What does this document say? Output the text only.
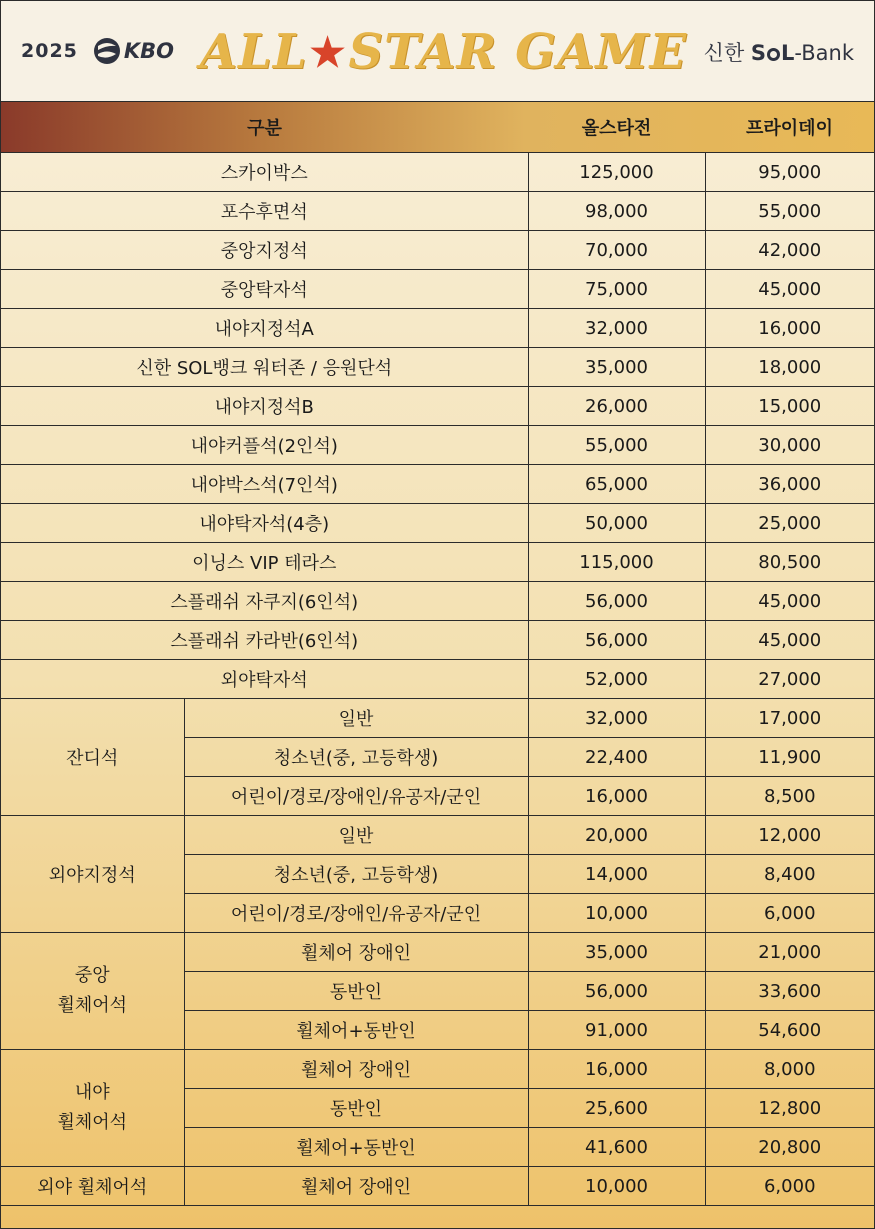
2025 KBO ALL ★ STAR GAME 신한 S L-Bank
구분		올스타전	프라이데이
스카이박스		125,000	95,000
포수후면석		98,000	55,000
중앙지정석		70,000	42,000
중앙탁자석		75,000	45,000
내야지정석A		32,000	16,000
신한 SOL뱅크 워터존 / 응원단석		35,000	18,000
내야지정석B		26,000	15,000
내야커플석(2인석)		55,000	30,000
내야박스석(7인석)		65,000	36,000
내야탁자석(4층)		50,000	25,000
이닝스 VIP 테라스		115,000	80,500
스플래쉬 자쿠지(6인석)		56,000	45,000
스플래쉬 카라반(6인석)		56,000	45,000
외야탁자석		52,000	27,000
잔디석	일반	32,000	17,000
	청소년(중, 고등학생)	22,400	11,900
	어린이/경로/장애인/유공자/군인	16,000	8,500
외야지정석	일반	20,000	12,000
	청소년(중, 고등학생)	14,000	8,400
	어린이/경로/장애인/유공자/군인	10,000	6,000

중앙
휠체어석	휠체어 장애인	35,000	21,000
	동반인	56,000	33,600
	휠체어+동반인	91,000	54,600

내야
휠체어석	휠체어 장애인	16,000	8,000
	동반인	25,600	12,800
	휠체어+동반인	41,600	20,800
외야 휠체어석	휠체어 장애인	10,000	6,000
